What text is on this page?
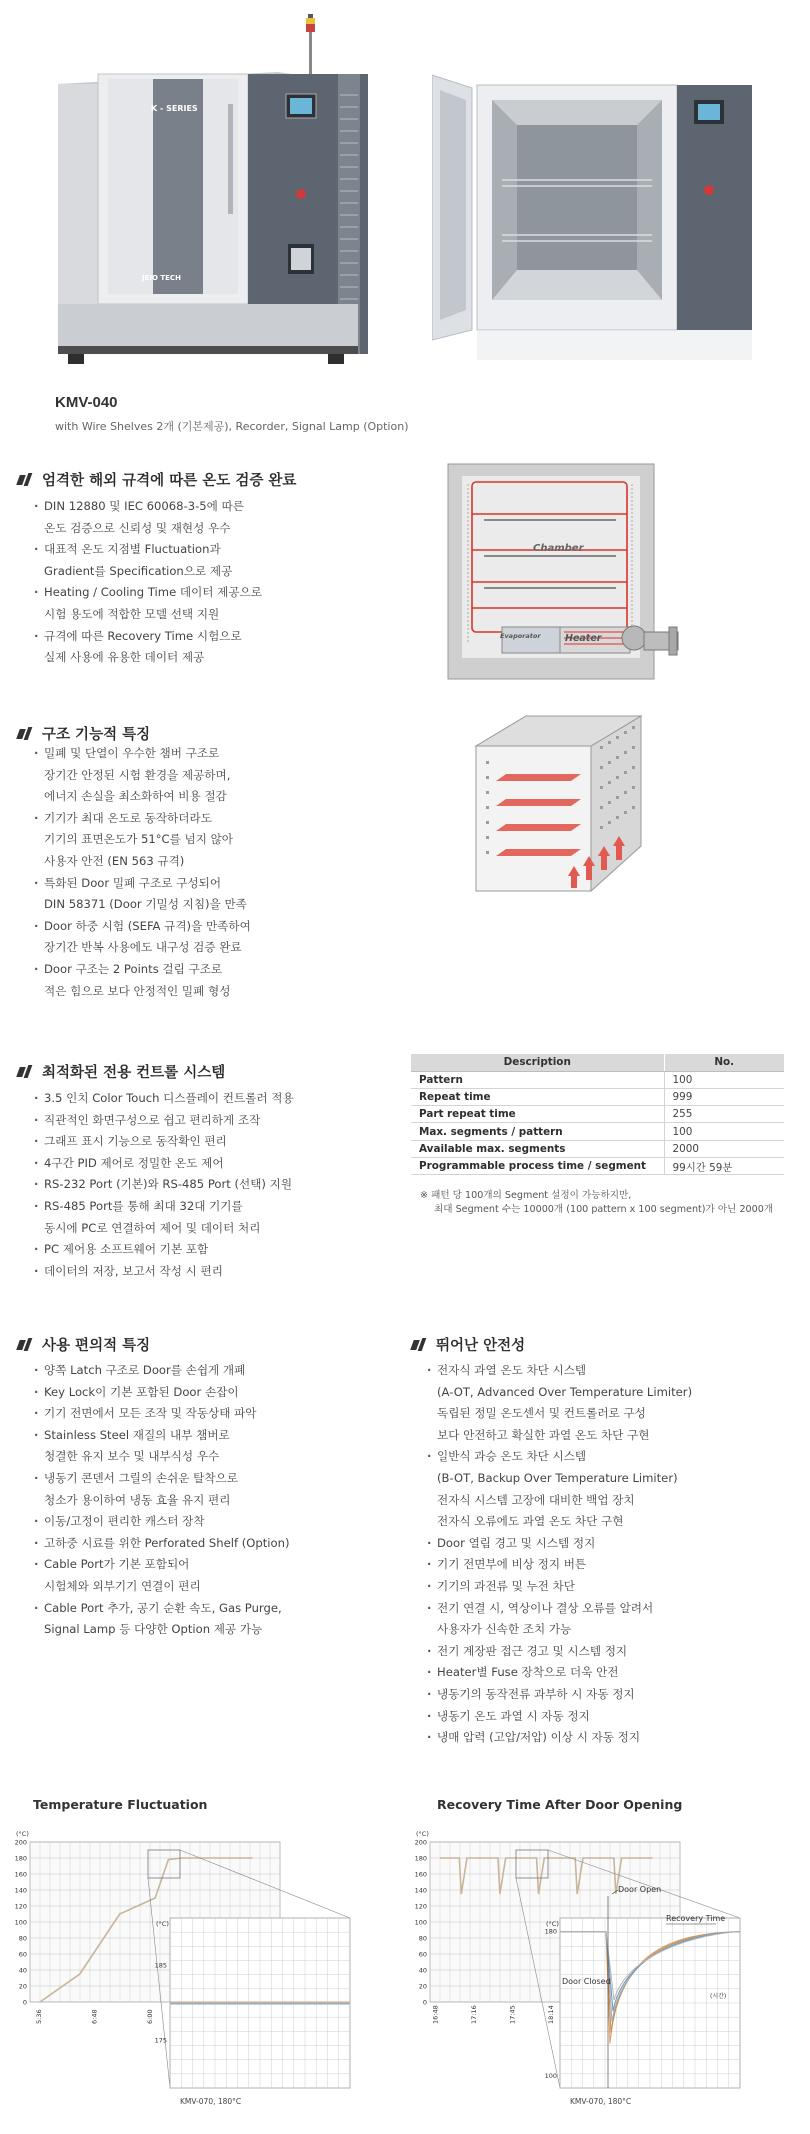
K - SERIES
JEIO TECH
KMV-040
with Wire Shelves 2개 (기본제공), Recorder, Signal Lamp (Option)
엄격한 해외 규격에 따른 온도 검증 완료
· DIN 12880 및 IEC 60068-3-5에 따른
온도 검증으로 신뢰성 및 재현성 우수
· 대표적 온도 지점별 Fluctuation과
Gradient를 Specification으로 제공
· Heating / Cooling Time 데이터 제공으로
시험 용도에 적합한 모델 선택 지원
· 규격에 따른 Recovery Time 시험으로
실제 사용에 유용한 데이터 제공
Chamber
Evaporator	Heater
구조 기능적 특징
· 밀폐 및 단열이 우수한 챔버 구조로
장기간 안정된 시험 환경을 제공하며,
에너지 손실을 최소화하여 비용 절감
· 기기가 최대 온도로 동작하더라도
기기의 표면온도가 51°C를 넘지 않아
사용자 안전 (EN 563 규격)
· 특화된 Door 밀폐 구조로 구성되어
DIN 58371 (Door 기밀성 지침)을 만족
· Door 하중 시험 (SEFA 규격)을 만족하여
장기간 반복 사용에도 내구성 검증 완료
· Door 구조는 2 Points 걸림 구조로
적은 힘으로 보다 안정적인 밀폐 형성
최적화된 전용 컨트롤 시스템
· 3.5 인치 Color Touch 디스플레이 컨트롤러 적용
· 직관적인 화면구성으로 쉽고 편리하게 조작
· 그래프 표시 기능으로 동작확인 편리
· 4구간 PID 제어로 정밀한 온도 제어
· RS-232 Port (기본)와 RS-485 Port (선택) 지원
· RS-485 Port를 통해 최대 32대 기기를
동시에 PC로 연결하여 제어 및 데이터 처리
· PC 제어용 소프트웨어 기본 포함
· 데이터의 저장, 보고서 작성 시 편리
Description	No.
Pattern	100
Repeat time	999
Part repeat time	255
Max. segments / pattern	100
Available max. segments	2000
Programmable process time / segment	99시간 59분
※ 패턴 당 100개의 Segment 설정이 가능하지만,
최대 Segment 수는 10000개 (100 pattern x 100 segment)가 아닌 2000개
사용 편의적 특징
· 양쪽 Latch 구조로 Door를 손쉽게 개폐
· Key Lock이 기본 포함된 Door 손잡이
· 기기 전면에서 모든 조작 및 작동상태 파악
· Stainless Steel 재질의 내부 챔버로
청결한 유지 보수 및 내부식성 우수
· 냉동기 콘덴서 그릴의 손쉬운 탈착으로
청소가 용이하여 냉동 효율 유지 편리
· 이동/고정이 편리한 캐스터 장착
· 고하중 시료를 위한 Perforated Shelf (Option)
· Cable Port가 기본 포함되어
시험체와 외부기기 연결이 편리
· Cable Port 추가, 공기 순환 속도, Gas Purge,
Signal Lamp 등 다양한 Option 제공 가능
뛰어난 안전성
· 전자식 과열 온도 차단 시스템
(A-OT, Advanced Over Temperature Limiter)
독립된 정밀 온도센서 및 컨트롤러로 구성
보다 안전하고 확실한 과열 온도 차단 구현
· 일반식 과승 온도 차단 시스템
(B-OT, Backup Over Temperature Limiter)
전자식 시스템 고장에 대비한 백업 장치
전자식 오류에도 과열 온도 차단 구현
· Door 열림 경고 및 시스템 정지
· 기기 전면부에 비상 정지 버튼
· 기기의 과전류 및 누전 차단
· 전기 연결 시, 역상이나 결상 오류를 알려서
사용자가 신속한 조치 가능
· 전기 계장판 접근 경고 및 시스템 정지
· Heater별 Fuse 장착으로 더욱 안전
· 냉동기의 동작전류 과부하 시 자동 정지
· 냉동기 온도 과열 시 자동 정지
· 냉매 압력 (고압/저압) 이상 시 자동 정지
Temperature Fluctuation	Recovery Time After Door Opening
200
180
160
140
120
100
80
60
40
20
0
(°C)
5:36	6:48	6:00
(°C)
185
175
KMV-070, 180°C
200
180
160
140
120
100
80
60
40
20
0
(°C)
16:48	17:16	17:45	18:14
(°C)
180
100
KMV-070, 180°C
Door Open
Recovery Time
Door Closed
(시간)
